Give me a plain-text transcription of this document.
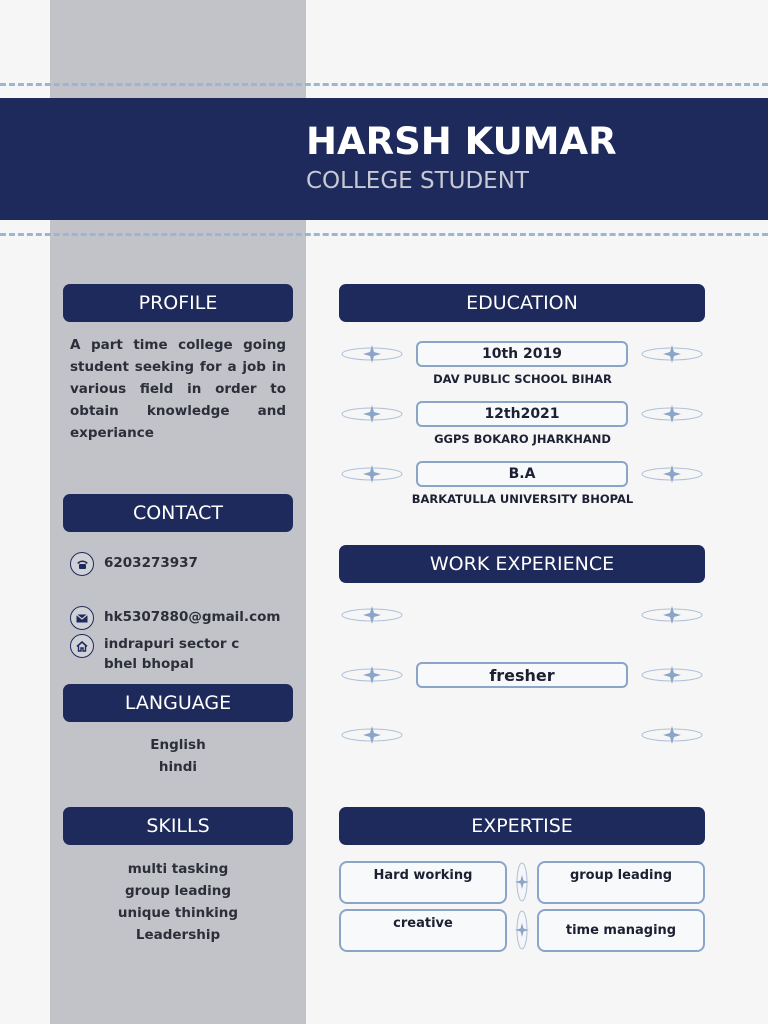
HARSH KUMAR
COLLEGE STUDENT
PROFILE
A part time college going student seeking for a job in various field in order to obtain knowledge and experiance
CONTACT
6203273937
hk5307880@gmail.com
indrapuri sector c bhel bhopal
LANGUAGE
English
hindi
SKILLS
multi tasking
group leading
unique thinking
Leadership
EDUCATION
10th 2019
DAV PUBLIC SCHOOL BIHAR
12th2021
GGPS BOKARO JHARKHAND
B.A
BARKATULLA UNIVERSITY BHOPAL
WORK EXPERIENCE
fresher
EXPERTISE
Hard working	group leading
creative	time managing
